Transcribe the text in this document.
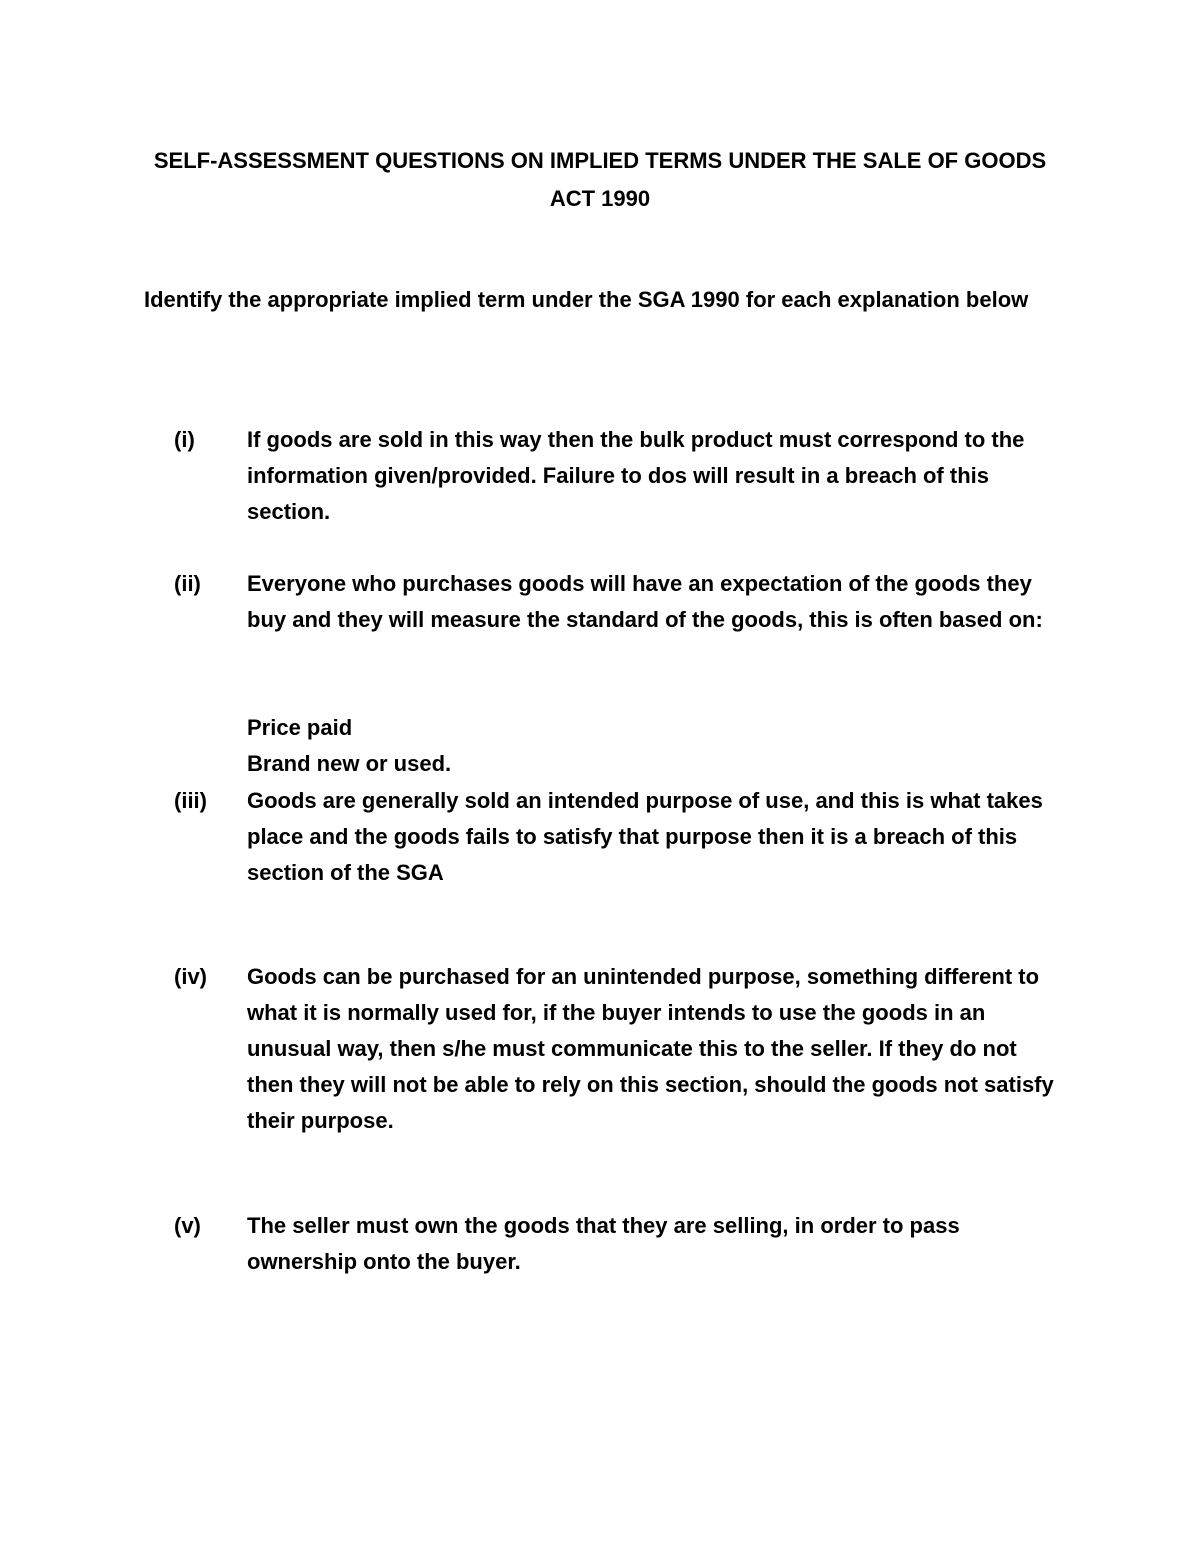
SELF-ASSESSMENT QUESTIONS ON IMPLIED TERMS UNDER THE SALE OF GOODS
ACT 1990
Identify the appropriate implied term under the SGA 1990 for each explanation below
(i) If goods are sold in this way then the bulk product must correspond to the information given/provided. Failure to dos will result in a breach of this section.
(ii) Everyone who purchases goods will have an expectation of the goods they buy and they will measure the standard of the goods, this is often based on:
Price paid
Brand new or used.
(iii) Goods are generally sold an intended purpose of use, and this is what takes place and the goods fails to satisfy that purpose then it is a breach of this section of the SGA
(iv) Goods can be purchased for an unintended purpose, something different to what it is normally used for, if the buyer intends to use the goods in an unusual way, then s/he must communicate this to the seller. If they do not then they will not be able to rely on this section, should the goods not satisfy their purpose.
(v) The seller must own the goods that they are selling, in order to pass ownership onto the buyer.
